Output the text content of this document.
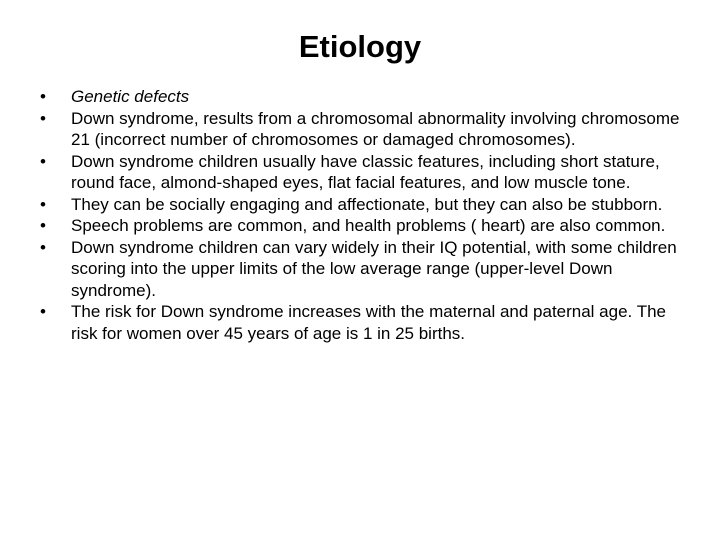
Etiology
•	Genetic defects
•	Down syndrome, results from a chromosomal abnormality involving chromosome 21 (incorrect number of chromosomes or damaged chromosomes).
•	Down syndrome children usually have classic features, including short stature, round face, almond-shaped eyes, flat facial features, and low muscle tone.
•	They can be socially engaging and affectionate, but they can also be stubborn.
•	Speech problems are common, and health problems ( heart) are also common.
•	Down syndrome children can vary widely in their IQ potential, with some children scoring into the upper limits of the low average range (upper-level Down syndrome).
•	The risk for Down syndrome increases with the maternal and paternal age. The risk for women over 45 years of age is 1 in 25 births.
